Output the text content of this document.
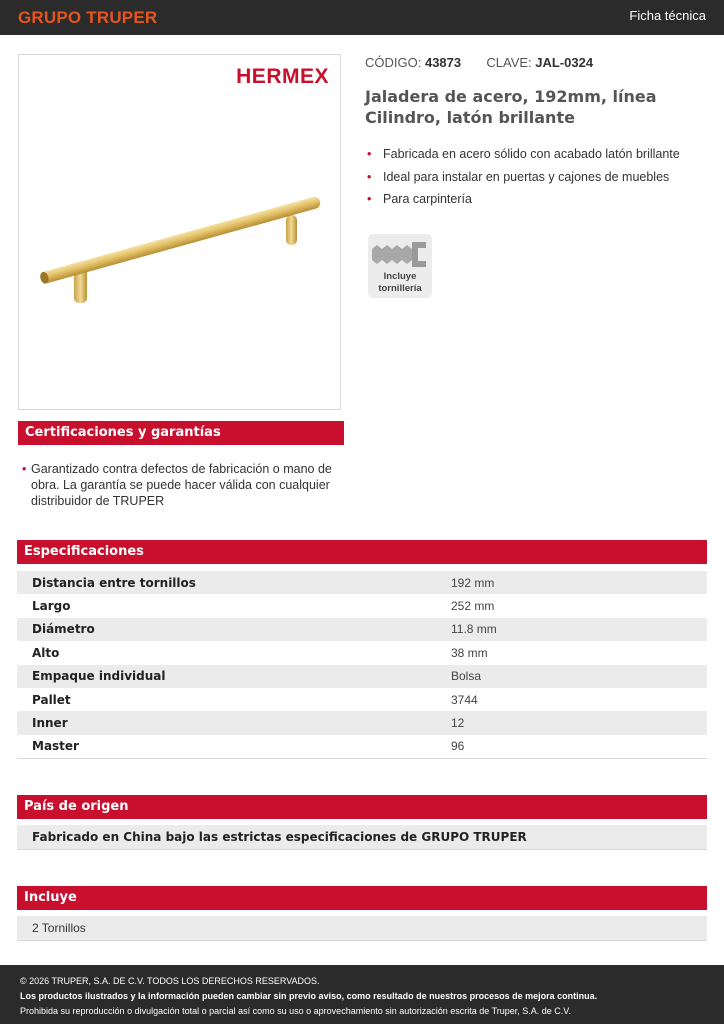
GRUPO TRUPER	Ficha técnica
HERMEX
CÓDIGO: 43873 CLAVE: JAL-0324
Jaladera de acero, 192mm, línea Cilindro, latón brillante
• Fabricada en acero sólido con acabado latón brillante
• Ideal para instalar en puertas y cajones de muebles
• Para carpintería
Incluye
tornillería
Certificaciones y garantías
• Garantizado contra defectos de fabricación o mano de obra. La garantía se puede hacer válida con cualquier distribuidor de TRUPER
Especificaciones
Distancia entre tornillos	192 mm
Largo	252 mm
Diámetro	11.8 mm
Alto	38 mm
Empaque individual	Bolsa
Pallet	3744
Inner	12
Master	96
País de origen
Fabricado en China bajo las estrictas especificaciones de GRUPO TRUPER
Incluye
2 Tornillos
© 2026 TRUPER, S.A. DE C.V. TODOS LOS DERECHOS RESERVADOS.
Los productos ilustrados y la información pueden cambiar sin previo aviso, como resultado de nuestros procesos de mejora continua.
Prohibida su reproducción o divulgación total o parcial así como su uso o aprovechamiento sin autorización escrita de Truper, S.A. de C.V.
